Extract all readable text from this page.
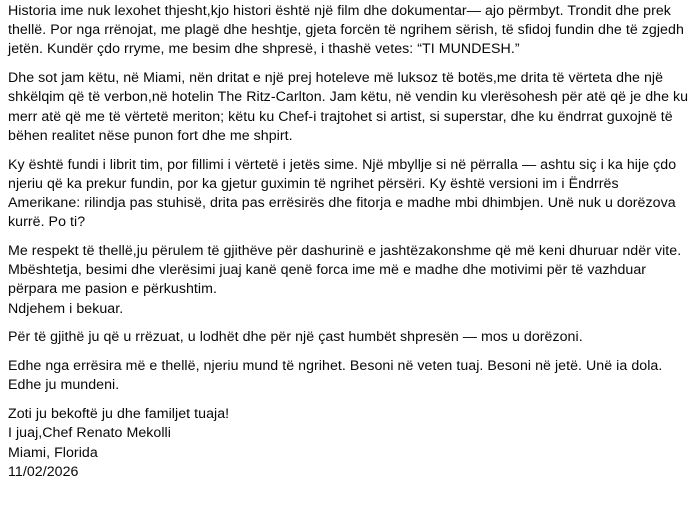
Historia ime nuk lexohet thjesht,kjo histori është një film dhe dokumentar— ajo përmbyt. Trondit dhe prek thellë. Por nga rrënojat, me plagë dhe heshtje, gjeta forcën të ngrihem sërish, të sfidoj fundin dhe të zgjedh jetën. Kundër çdo rryme, me besim dhe shpresë, i thashë vetes: “TI MUNDESH.”
Dhe sot jam këtu, në Miami, nën dritat e një prej hoteleve më luksoz të botës,me drita të vërteta dhe një shkëlqim që të verbon,në hotelin The Ritz-Carlton. Jam këtu, në vendin ku vlerësohesh për atë që je dhe ku merr atë që me të vërtetë meriton; këtu ku Chef-i trajtohet si artist, si superstar, dhe ku ëndrrat guxojnë të bëhen realitet nëse punon fort dhe me shpirt.
Ky është fundi i librit tim, por fillimi i vërtetë i jetës sime. Një mbyllje si në përralla — ashtu siç i ka hije çdo njeriu që ka prekur fundin, por ka gjetur guximin të ngrihet përsëri. Ky është versioni im i Ëndrrës Amerikane: rilindja pas stuhisë, drita pas errësirës dhe fitorja e madhe mbi dhimbjen. Unë nuk u dorëzova kurrë. Po ti?
Me respekt të thellë,ju përulem të gjithëve për dashurinë e jashtëzakonshme që më keni dhuruar ndër vite.
Mbështetja, besimi dhe vlerësimi juaj kanë qenë forca ime më e madhe dhe motivimi për të vazhduar përpara me pasion e përkushtim.
Ndjehem i bekuar.
Për të gjithë ju që u rrëzuat, u lodhët dhe për një çast humbët shpresën — mos u dorëzoni.
Edhe nga errësira më e thellë, njeriu mund të ngrihet. Besoni në veten tuaj. Besoni në jetë. Unë ia dola. Edhe ju mundeni.
Zoti ju bekoftë ju dhe familjet tuaja!
I juaj,Chef Renato Mekolli
Miami, Florida
11/02/2026
